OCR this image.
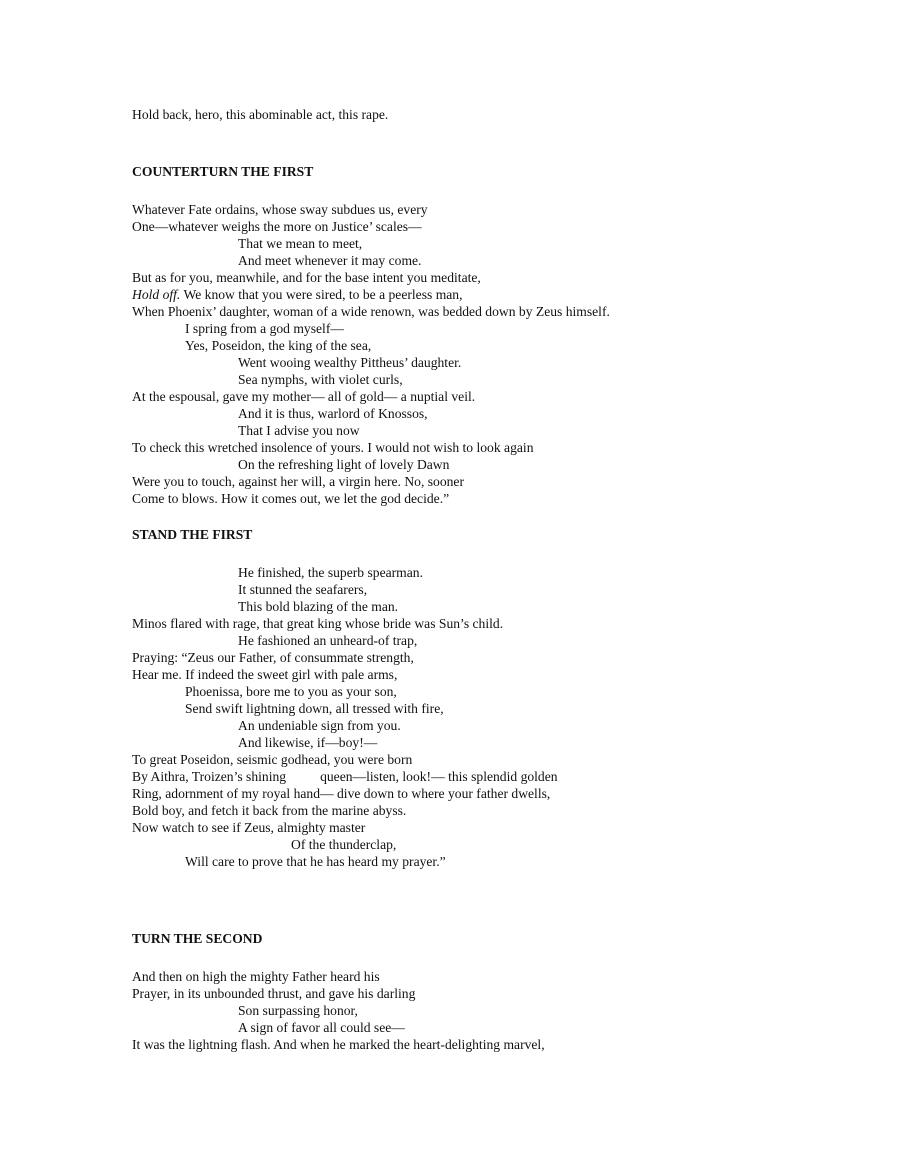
Hold back, hero, this abominable act, this rape.
COUNTERTURN THE FIRST
Whatever Fate ordains, whose sway subdues us, every
One—whatever weighs the more on Justice’ scales—
That we mean to meet,
And meet whenever it may come.
But as for you, meanwhile, and for the base intent you meditate,
Hold off. We know that you were sired, to be a peerless man,
When Phoenix’ daughter, woman of a wide renown, was bedded down by Zeus himself.
I spring from a god myself—
Yes, Poseidon, the king of the sea,
Went wooing wealthy Pittheus’ daughter.
Sea nymphs, with violet curls,
At the espousal, gave my mother— all of gold— a nuptial veil.
And it is thus, warlord of Knossos,
That I advise you now
To check this wretched insolence of yours. I would not wish to look again
On the refreshing light of lovely Dawn
Were you to touch, against her will, a virgin here. No, sooner
Come to blows. How it comes out, we let the god decide.”
STAND THE FIRST
He finished, the superb spearman.
It stunned the seafarers,
This bold blazing of the man.
Minos flared with rage, that great king whose bride was Sun’s child.
He fashioned an unheard-of trap,
Praying: “Zeus our Father, of consummate strength,
Hear me. If indeed the sweet girl with pale arms,
Phoenissa, bore me to you as your son,
Send swift lightning down, all tressed with fire,
An undeniable sign from you.
And likewise, if—boy!—
To great Poseidon, seismic godhead, you were born
By Aithra, Troizen’s shining	queen—listen, look!— this splendid golden
Ring, adornment of my royal hand— dive down to where your father dwells,
Bold boy, and fetch it back from the marine abyss.
Now watch to see if Zeus, almighty master
Of the thunderclap,
Will care to prove that he has heard my prayer.”
TURN THE SECOND
And then on high the mighty Father heard his
Prayer, in its unbounded thrust, and gave his darling
Son surpassing honor,
A sign of favor all could see—
It was the lightning flash. And when he marked the heart-delighting marvel,
